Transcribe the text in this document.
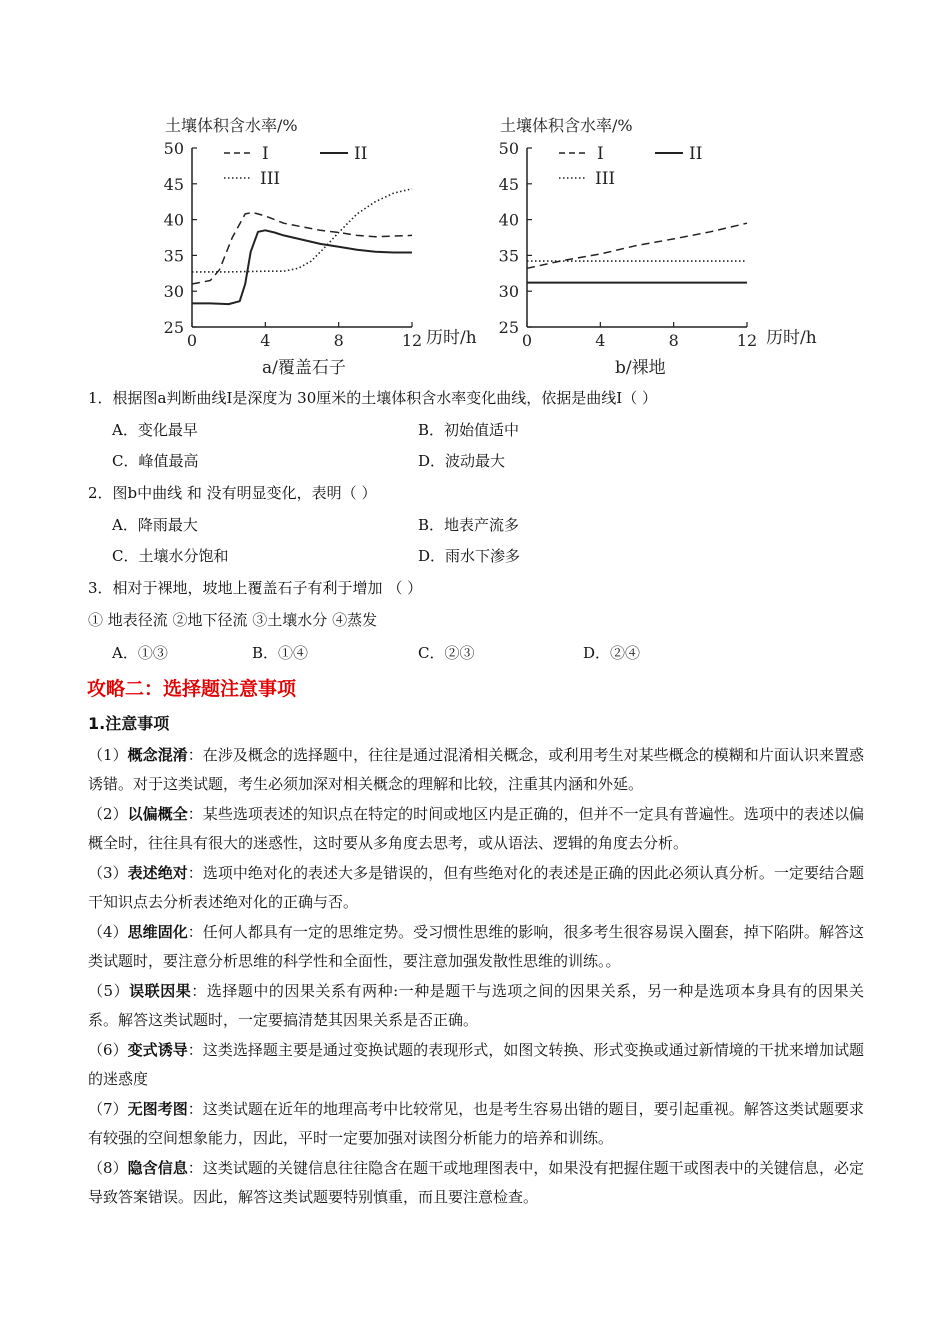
土壤体积含水率/%
25
30
35
40
45
50
0	4	8	12
I	II
III
历时/h
a/覆盖石子
土壤体积含水率/%
25
30
35
40
45
50
0	4	8	12
I	II
III
历时/h
b/裸地
1．根据图a判断曲线I是深度为 30厘米的土壤体积含水率变化曲线，依据是曲线I（ ）
A．变化最早	B．初始值适中
C．峰值最高	D．波动最大
2．图b中曲线 和 没有明显变化，表明（ ）
A．降雨最大	B．地表产流多
C．土壤水分饱和	D．雨水下渗多
3．相对于裸地，坡地上覆盖石子有利于增加 （ ）
① 地表径流 ②地下径流 ③土壤水分 ④蒸发
A．①③	B．①④	C．②③	D．②④
攻略二：选择题注意事项
1.注意事项
（1）概念混淆：在涉及概念的选择题中，往往是通过混淆相关概念，或利用考生对某些概念的模糊和片面认识来置惑诱错。对于这类试题，考生必须加深对相关概念的理解和比较，注重其内涵和外延。
（2）以偏概全：某些选项表述的知识点在特定的时间或地区内是正确的，但并不一定具有普遍性。选项中的表述以偏概全时，往往具有很大的迷惑性，这时要从多角度去思考，或从语法、逻辑的角度去分析。
（3）表述绝对：选项中绝对化的表述大多是错误的，但有些绝对化的表述是正确的因此必须认真分析。一定要结合题干知识点去分析表述绝对化的正确与否。
（4）思维固化：任何人都具有一定的思维定势。受习惯性思维的影响，很多考生很容易误入圈套，掉下陷阱。解答这类试题时，要注意分析思维的科学性和全面性，要注意加强发散性思维的训练。。
（5）误联因果：选择题中的因果关系有两种:一种是题干与选项之间的因果关系，另一种是选项本身具有的因果关系。解答这类试题时，一定要搞清楚其因果关系是否正确。
（6）变式诱导：这类选择题主要是通过变换试题的表现形式，如图文转换、形式变换或通过新情境的干扰来增加试题的迷惑度
（7）无图考图：这类试题在近年的地理高考中比较常见，也是考生容易出错的题目，要引起重视。解答这类试题要求有较强的空间想象能力，因此，平时一定要加强对读图分析能力的培养和训练。
（8）隐含信息：这类试题的关键信息往往隐含在题干或地理图表中，如果没有把握住题干或图表中的关键信息，必定导致答案错误。因此，解答这类试题要特别慎重，而且要注意检查。
